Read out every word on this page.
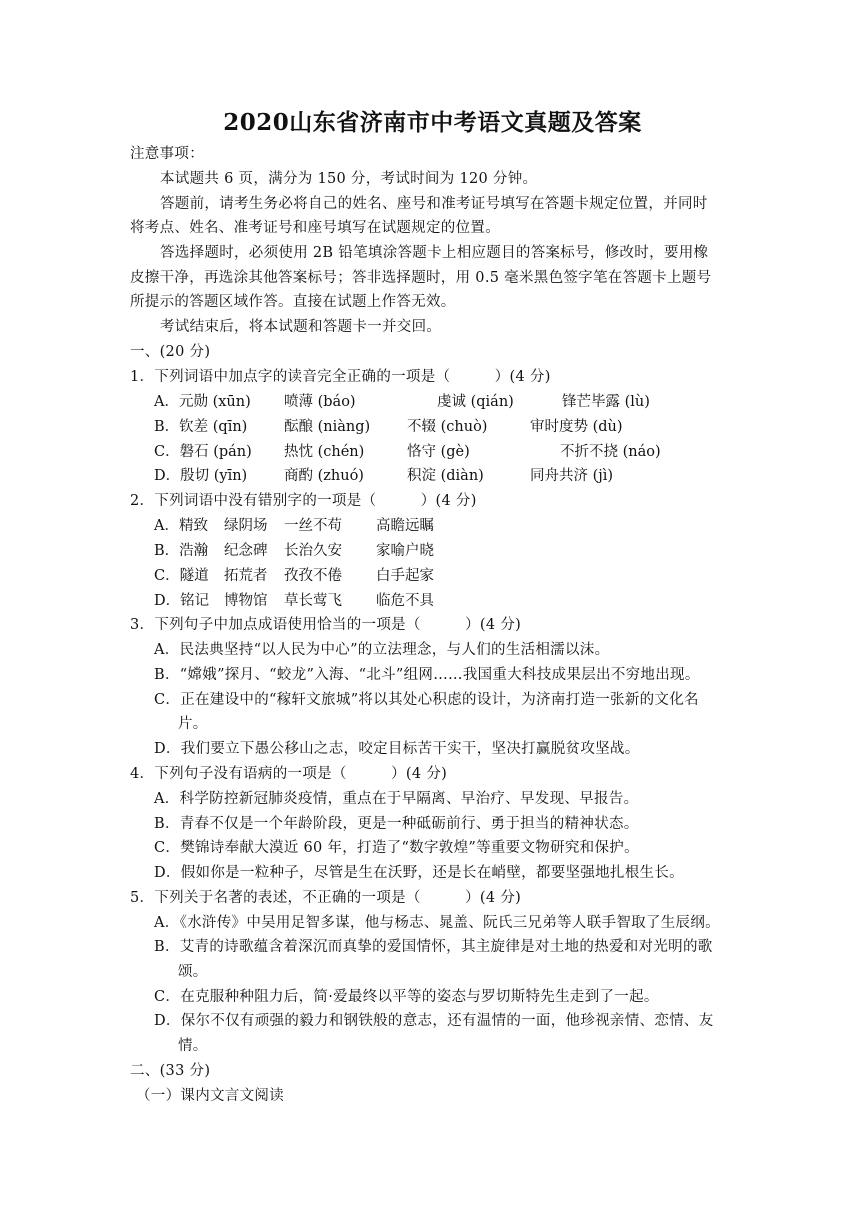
2020山东省济南市中考语文真题及答案
注意事项：
本试题共 6 页，满分为 150 分，考试时间为 120 分钟。
答题前，请考生务必将自己的姓名、座号和准考证号填写在答题卡规定位置，并同时
将考点、姓名、准考证号和座号填写在试题规定的位置。
答选择题时，必须使用 2B 铅笔填涂答题卡上相应题目的答案标号，修改时，要用橡
皮擦干净，再选涂其他答案标号；答非选择题时，用 0.5 毫米黑色签字笔在答题卡上题号
所提示的答题区域作答。直接在试题上作答无效。
考试结束后，将本试题和答题卡一并交回。
一、(20 分)
1．下列词语中加点字的读音完全正确的一项是（　　　）(4 分)
A．元勋 (xūn) 喷薄 (báo)	虔诚 (qián)	锋芒毕露 (lù)
B．钦差 (qīn)	酝酿 (niàng)	不辍 (chuò)	审时度势 (dù)
C．磐石 (pán) 热忱 (chén)	恪守 (gè)	不折不挠 (náo)
D．殷切 (yīn)	商酌 (zhuó)	积淀 (diàn)	同舟共济 (jì)
2．下列词语中没有错别字的一项是（　　　）(4 分)
A．精致 绿阴场 一丝不苟 高瞻远瞩
B．浩瀚 纪念碑 长治久安 家喻户晓
C．隧道 拓荒者 孜孜不倦 白手起家
D．铭记 博物馆 草长莺飞 临危不具
3．下列句子中加点成语使用恰当的一项是（　　　）(4 分)
A．民法典坚持“以人民为中心”的立法理念，与人们的生活相濡以沫。
B．“嫦娥”探月、“蛟龙”入海、“北斗”组网……我国重大科技成果层出不穷地出现。
C．正在建设中的“稼轩文旅城”将以其处心积虑的设计，为济南打造一张新的文化名
片。
D．我们要立下愚公移山之志，咬定目标苦干实干，坚决打赢脱贫攻坚战。
4．下列句子没有语病的一项是（　　　）(4 分)
A．科学防控新冠肺炎疫情，重点在于早隔离、早治疗、早发现、早报告。
B．青春不仅是一个年龄阶段，更是一种砥砺前行、勇于担当的精神状态。
C．樊锦诗奉献大漠近 60 年，打造了“数字敦煌”等重要文物研究和保护。
D．假如你是一粒种子，尽管是生在沃野，还是长在峭壁，都要坚强地扎根生长。
5．下列关于名著的表述，不正确的一项是（　　　）(4 分)
A．《水浒传》中吴用足智多谋，他与杨志、晁盖、阮氏三兄弟等人联手智取了生辰纲。
B．艾青的诗歌蕴含着深沉而真挚的爱国情怀，其主旋律是对土地的热爱和对光明的歌
颂。
C．在克服种种阻力后，简·爱最终以平等的姿态与罗切斯特先生走到了一起。
D．保尔不仅有顽强的毅力和钢铁般的意志，还有温情的一面，他珍视亲情、恋情、友
情。
二、(33 分)
（一）课内文言文阅读
